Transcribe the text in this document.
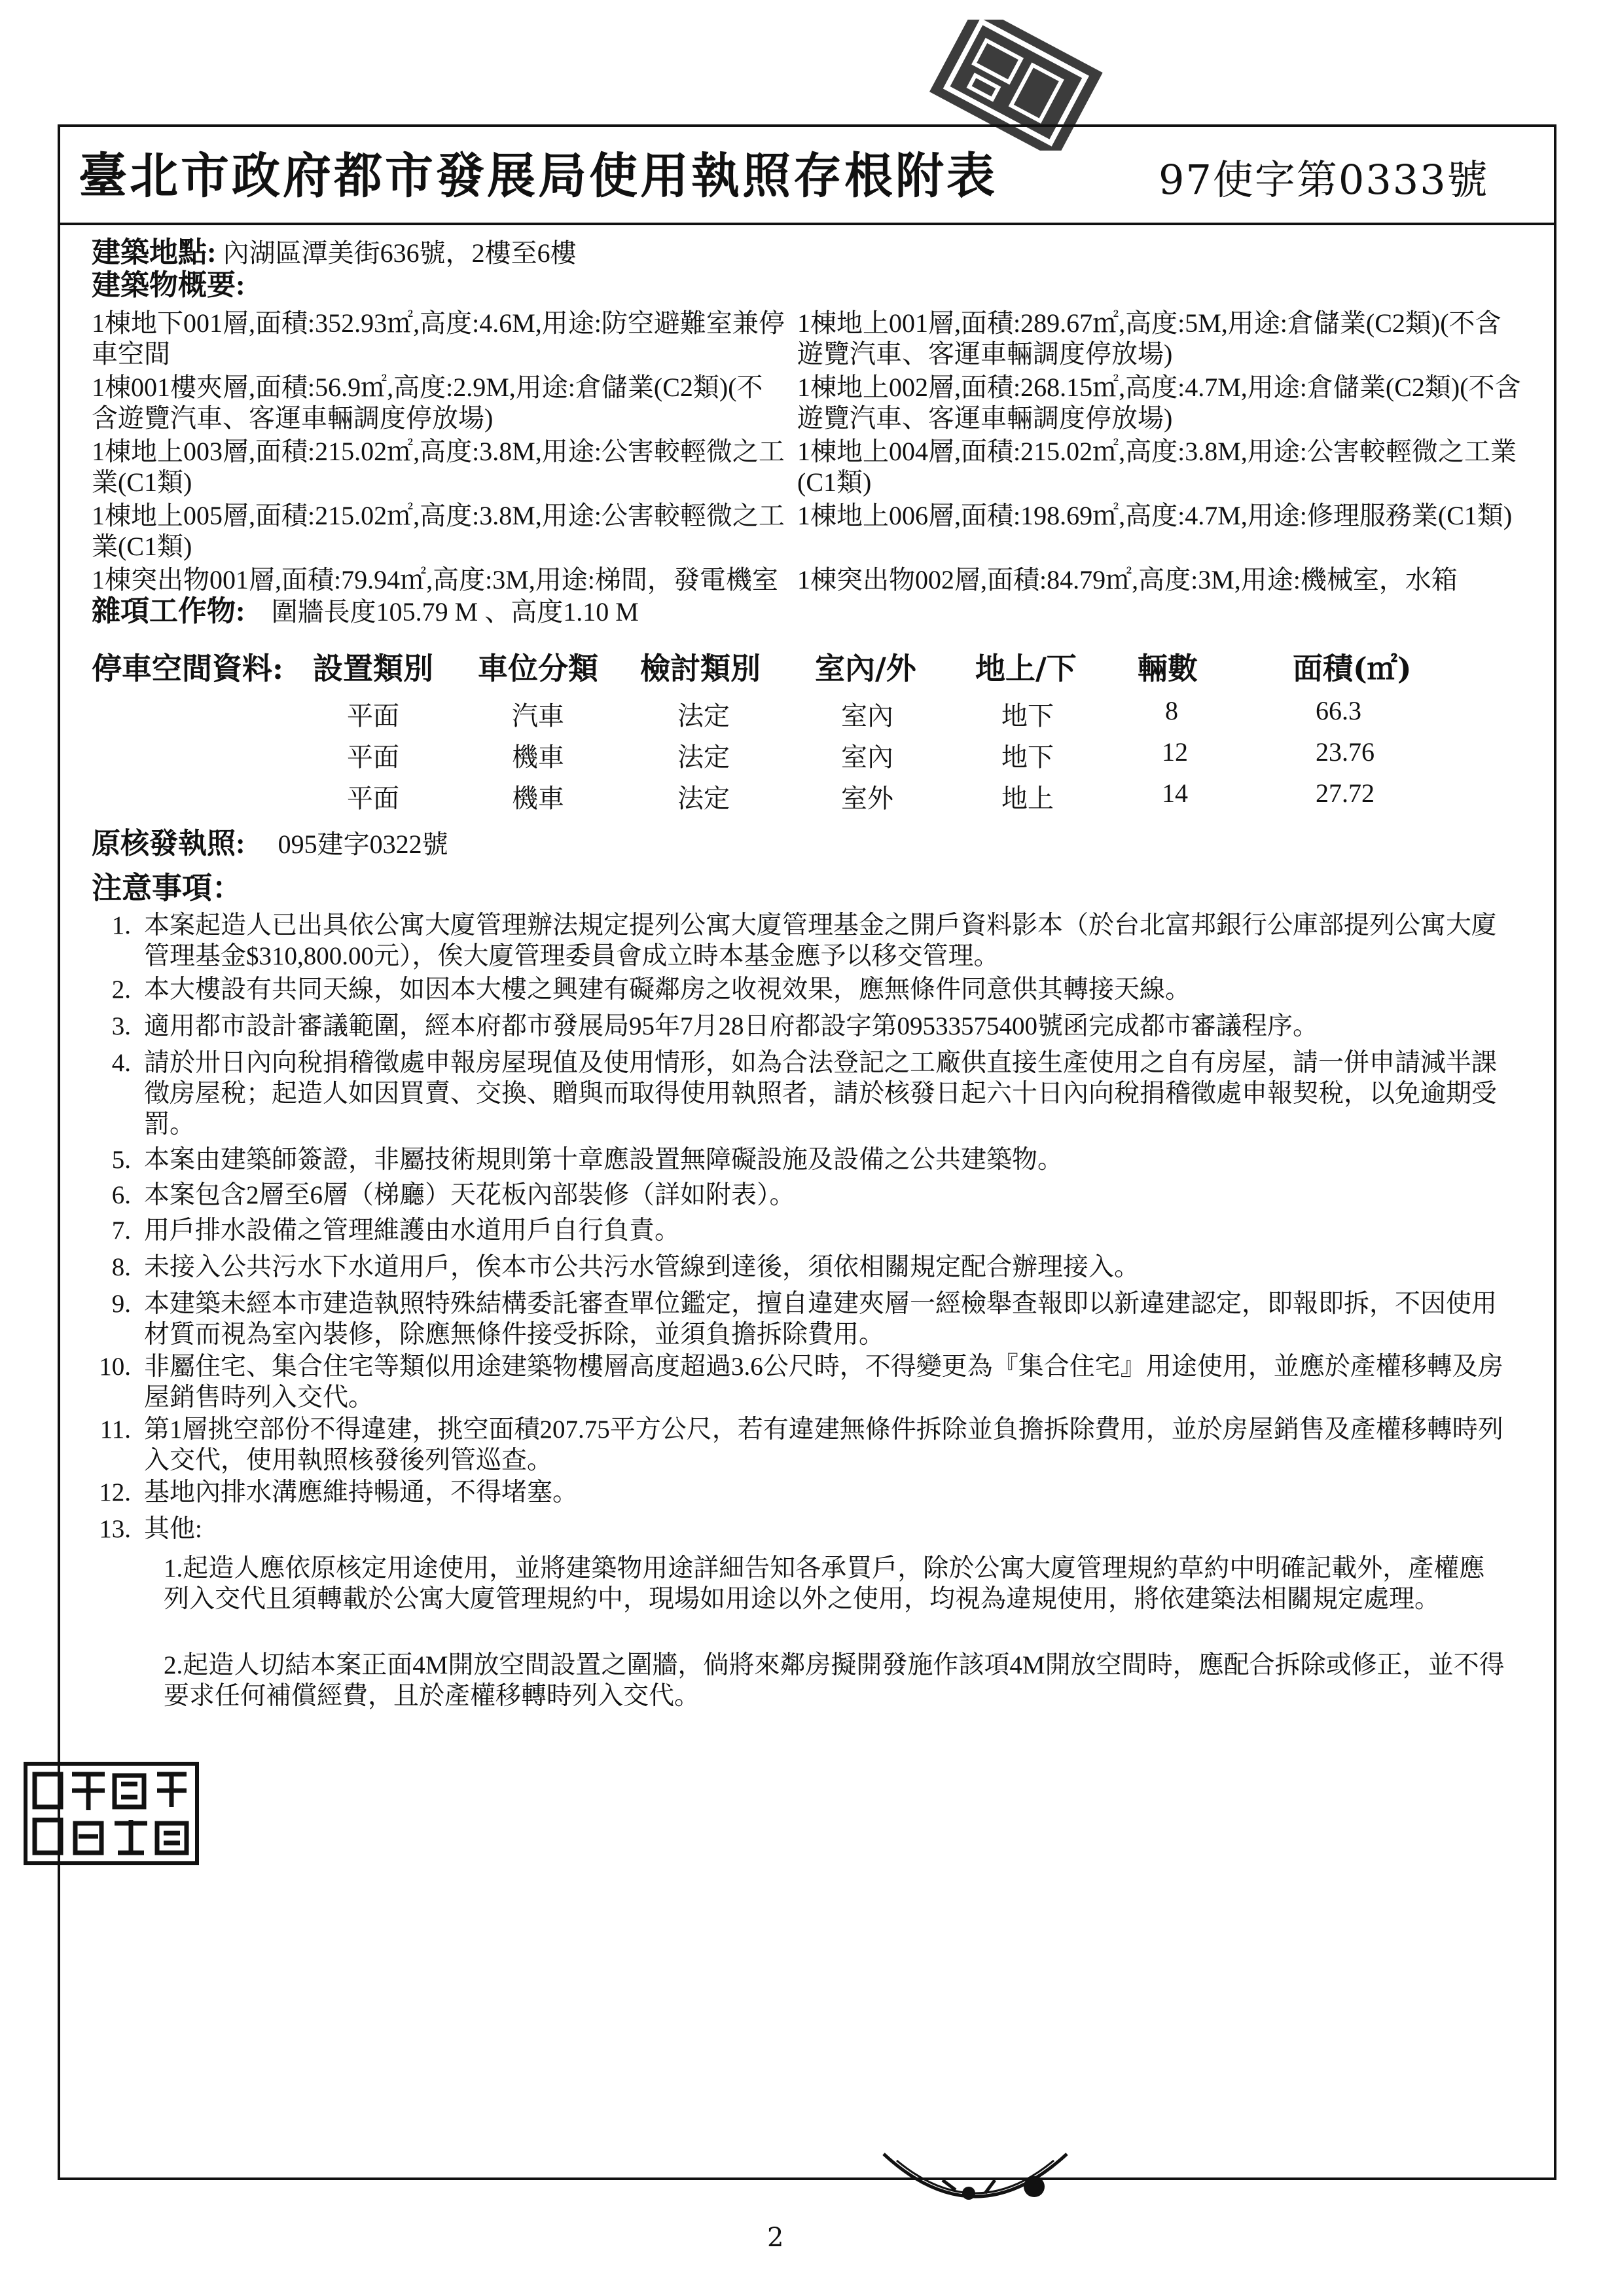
臺北市政府都市發展局使用執照存根附表	97使字第0333號
建築地點: 內湖區潭美街636號，2樓至6樓
建築物概要:
1棟地下001層,面積:352.93㎡,高度:4.6M,用途:防空避難室兼停車空間
1棟地上001層,面積:289.67㎡,高度:5M,用途:倉儲業(C2類)(不含遊覽汽車、客運車輛調度停放場)
1棟001樓夾層,面積:56.9㎡,高度:2.9M,用途:倉儲業(C2類)(不含遊覽汽車、客運車輛調度停放場)
1棟地上002層,面積:268.15㎡,高度:4.7M,用途:倉儲業(C2類)(不含遊覽汽車、客運車輛調度停放場)
1棟地上003層,面積:215.02㎡,高度:3.8M,用途:公害較輕微之工業(C1類)
1棟地上004層,面積:215.02㎡,高度:3.8M,用途:公害較輕微之工業(C1類)
1棟地上005層,面積:215.02㎡,高度:3.8M,用途:公害較輕微之工業(C1類)
1棟地上006層,面積:198.69㎡,高度:4.7M,用途:修理服務業(C1類)
1棟突出物001層,面積:79.94㎡,高度:3M,用途:梯間，發電機室 1棟突出物002層,面積:84.79㎡,高度:3M,用途:機械室，水箱
雜項工作物: 圍牆長度105.79 M 、高度1.10 M
停車空間資料: 設置類別 車位分類 檢討類別 室內/外 地上/下 輛數	面積(㎡)
平面	汽車	法定	室內	地下	8	66.3
平面	機車	法定	室內	地下	12	23.76
平面	機車	法定	室外	地上	14	27.72
原核發執照: 095建字0322號
注意事項：
1. 本案起造人已出具依公寓大廈管理辦法規定提列公寓大廈管理基金之開戶資料影本（於台北富邦銀行公庫部提列公寓大廈管理基金$310,800.00元），俟大廈管理委員會成立時本基金應予以移交管理。
2. 本大樓設有共同天線，如因本大樓之興建有礙鄰房之收視效果，應無條件同意供其轉接天線。
3. 適用都市設計審議範圍，經本府都市發展局95年7月28日府都設字第09533575400號函完成都市審議程序。
4. 請於卅日內向稅捐稽徵處申報房屋現值及使用情形，如為合法登記之工廠供直接生產使用之自有房屋，請一併申請減半課徵房屋稅；起造人如因買賣、交換、贈與而取得使用執照者，請於核發日起六十日內向稅捐稽徵處申報契稅，以免逾期受罰。
5. 本案由建築師簽證，非屬技術規則第十章應設置無障礙設施及設備之公共建築物。
6. 本案包含2層至6層（梯廳）天花板內部裝修（詳如附表）。
7. 用戶排水設備之管理維護由水道用戶自行負責。
8. 未接入公共污水下水道用戶，俟本市公共污水管線到達後，須依相關規定配合辦理接入。
9. 本建築未經本市建造執照特殊結構委託審查單位鑑定，擅自違建夾層一經檢舉查報即以新違建認定，即報即拆，不因使用材質而視為室內裝修，除應無條件接受拆除，並須負擔拆除費用。
10. 非屬住宅、集合住宅等類似用途建築物樓層高度超過3.6公尺時，不得變更為『集合住宅』用途使用，並應於產權移轉及房屋銷售時列入交代。
11. 第1層挑空部份不得違建，挑空面積207.75平方公尺，若有違建無條件拆除並負擔拆除費用，並於房屋銷售及產權移轉時列入交代，使用執照核發後列管巡查。
12. 基地內排水溝應維持暢通，不得堵塞。
13. 其他:
1.起造人應依原核定用途使用，並將建築物用途詳細告知各承買戶，除於公寓大廈管理規約草約中明確記載外，產權應列入交代且須轉載於公寓大廈管理規約中，現場如用途以外之使用，均視為違規使用，將依建築法相關規定處理。
2.起造人切結本案正面4M開放空間設置之圍牆，倘將來鄰房擬開發施作該項4M開放空間時，應配合拆除或修正，並不得要求任何補償經費，且於產權移轉時列入交代。
2
